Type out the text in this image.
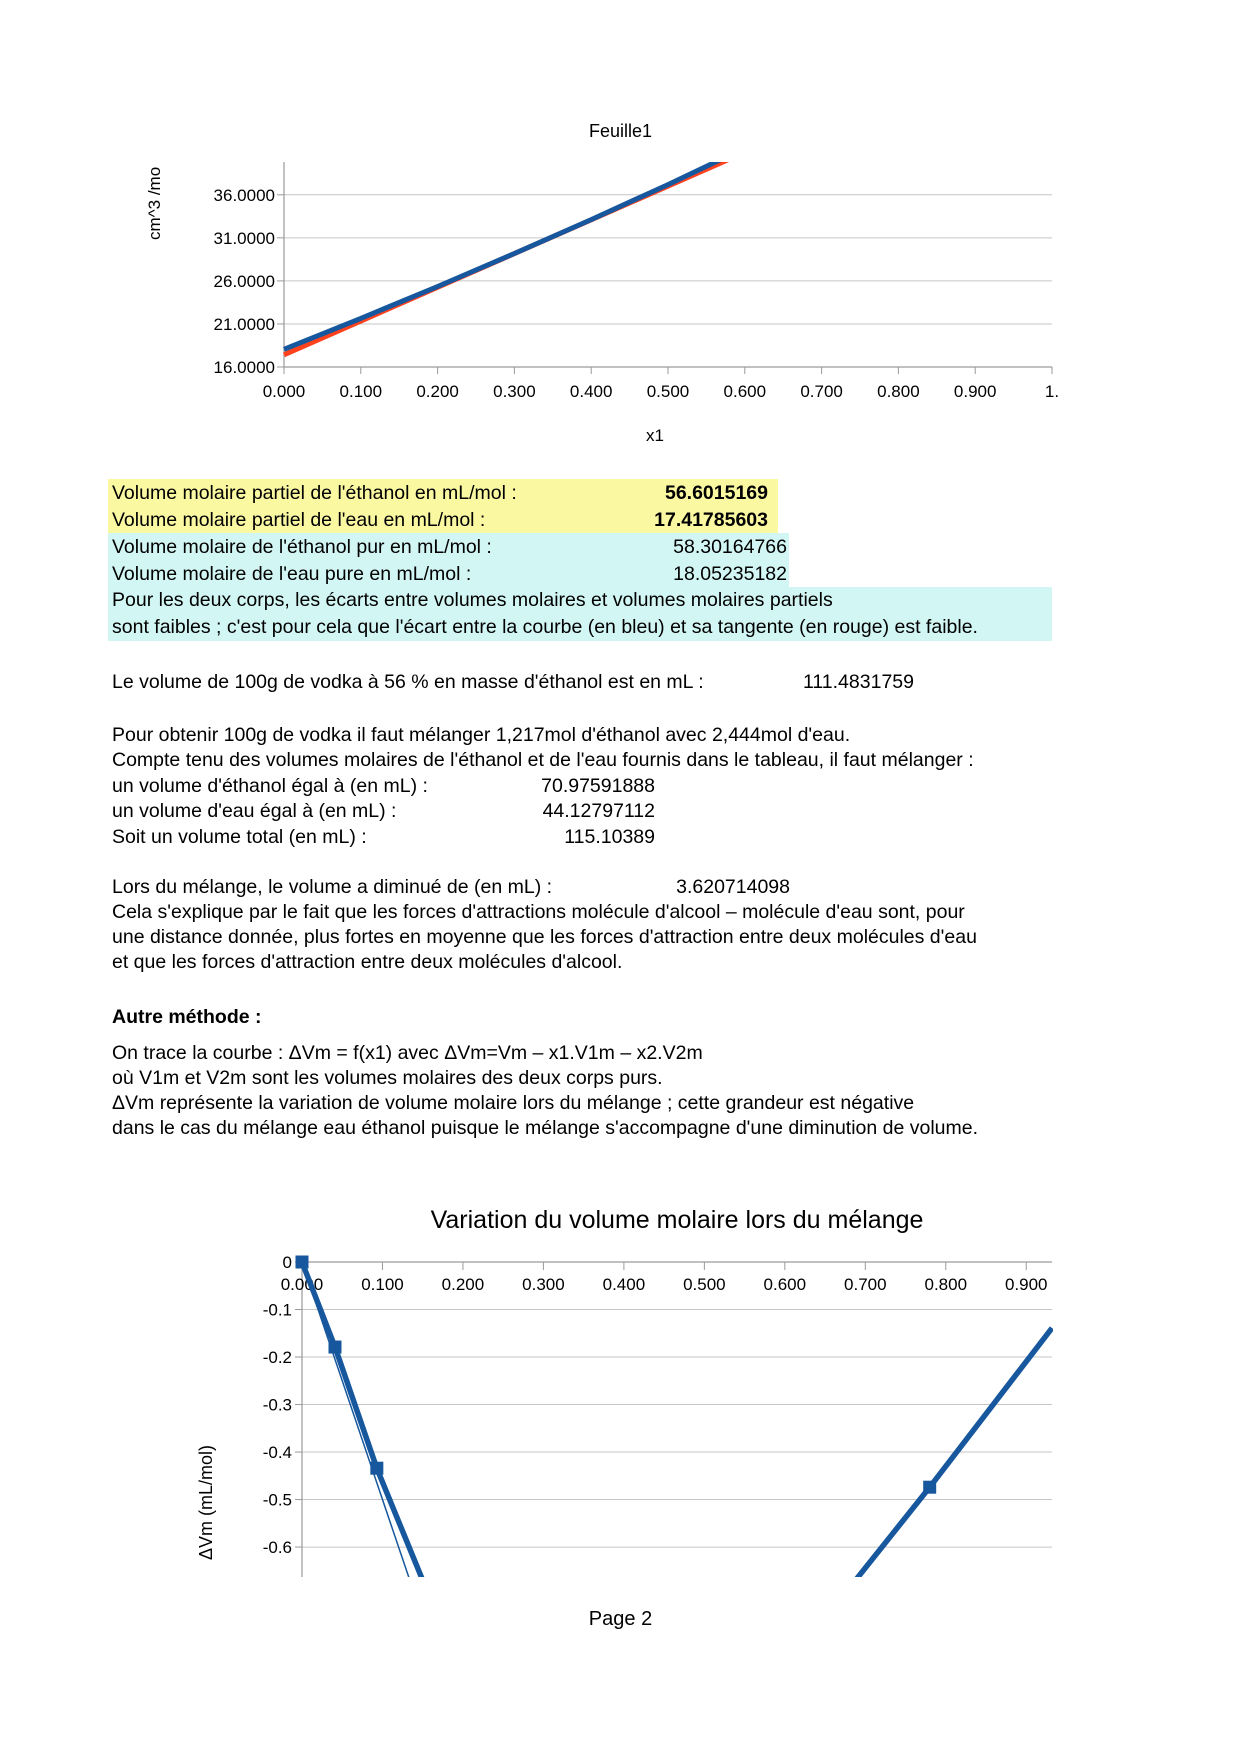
Feuille1
0.000 0.100 0.200 0.300 0.400 0.500 0.600 0.700 0.800 0.900	1.
16.0000
21.0000
26.0000
31.0000
36.0000
x1
cm^3 /mo
0.000 0.100 0.200 0.300 0.400 0.500 0.600 0.700 0.800 0.900
0
-0.1
-0.2
-0.3
-0.4
-0.5
-0.6
Variation du volume molaire lors du mélange
ΔVm (mL/mol)
Volume molaire partiel de l'éthanol en mL/mol :	56.6015169
Volume molaire partiel de l'eau en mL/mol :	17.41785603
Volume molaire de l'éthanol pur en mL/mol :	58.30164766
Volume molaire de l'eau pure en mL/mol :	18.05235182
Pour les deux corps, les écarts entre volumes molaires et volumes molaires partiels
sont faibles ; c'est pour cela que l'écart entre la courbe (en bleu) et sa tangente (en rouge) est faible.
Le volume de 100g de vodka à 56 % en masse d'éthanol est en mL :	111.4831759
Pour obtenir 100g de vodka il faut mélanger 1,217mol d'éthanol avec 2,444mol d'eau.
Compte tenu des volumes molaires de l'éthanol et de l'eau fournis dans le tableau, il faut mélanger :
un volume d'éthanol égal à (en mL) :	70.97591888
un volume d'eau égal à (en mL) :	44.12797112
Soit un volume total (en mL) :	115.10389
Lors du mélange, le volume a diminué de (en mL) :	3.620714098
Cela s'explique par le fait que les forces d'attractions molécule d'alcool – molécule d'eau sont, pour
une distance donnée, plus fortes en moyenne que les forces d'attraction entre deux molécules d'eau
et que les forces d'attraction entre deux molécules d'alcool.
Autre méthode :
On trace la courbe : ΔVm = f(x1) avec ΔVm=Vm – x1.V1m – x2.V2m
où V1m et V2m sont les volumes molaires des deux corps purs.
ΔVm représente la variation de volume molaire lors du mélange ; cette grandeur est négative
dans le cas du mélange eau éthanol puisque le mélange s'accompagne d'une diminution de volume.
Page 2
